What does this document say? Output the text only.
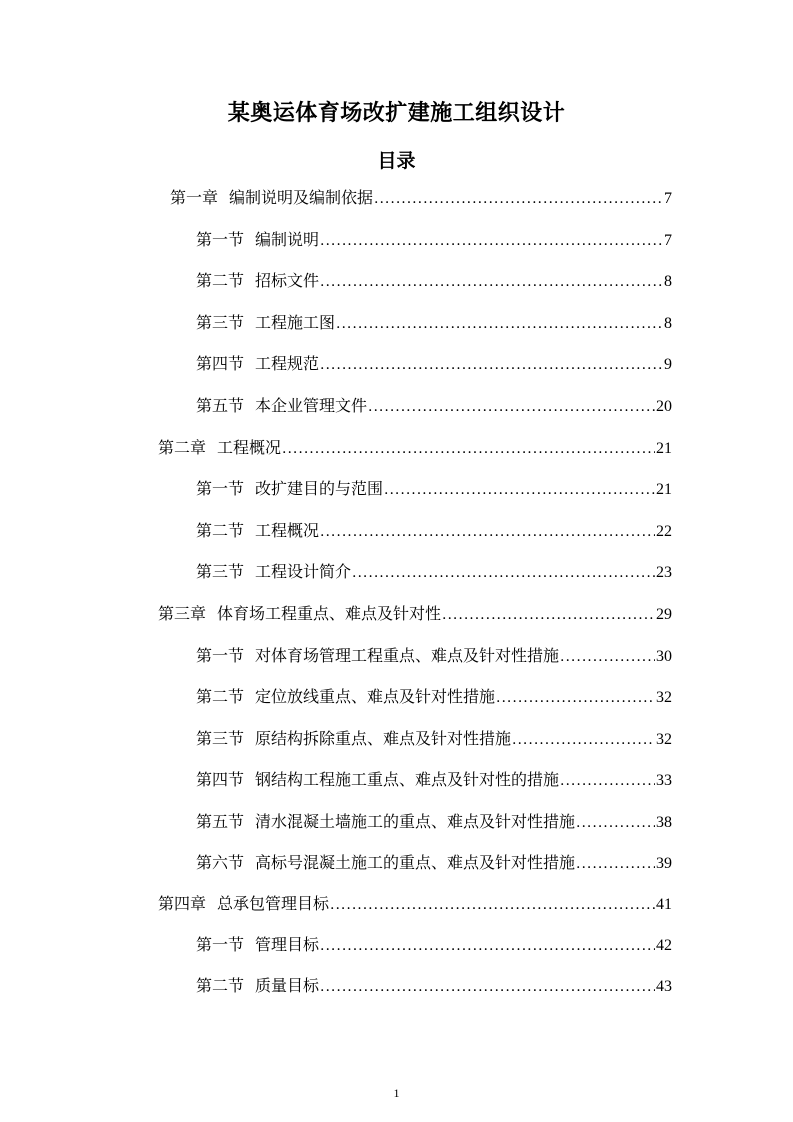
某奥运体育场改扩建施工组织设计
目录
第一章 编制说明及编制依据 .....	7
第一节 编制说明 .....	7
第二节 招标文件 .....	8
第三节 工程施工图 .....	8
第四节 工程规范 .....	9
第五节 本企业管理文件 .....	20
第二章 工程概况 .....	21
第一节 改扩建目的与范围 .....	21
第二节 工程概况 .....	22
第三节 工程设计简介 .....	23
第三章 体育场工程重点、难点及针对性 .....	29
第一节 对体育场管理工程重点、难点及针对性措施 .....	30
第二节 定位放线重点、难点及针对性措施 .....	32
第三节 原结构拆除重点、难点及针对性措施 .....	32
第四节 钢结构工程施工重点、难点及针对性的措施 .....	33
第五节 清水混凝土墙施工的重点、难点及针对性措施 .....	38
第六节 高标号混凝土施工的重点、难点及针对性措施 .....	39
第四章 总承包管理目标 .....	41
第一节 管理目标 .....	42
第二节 质量目标 .....	43
1
